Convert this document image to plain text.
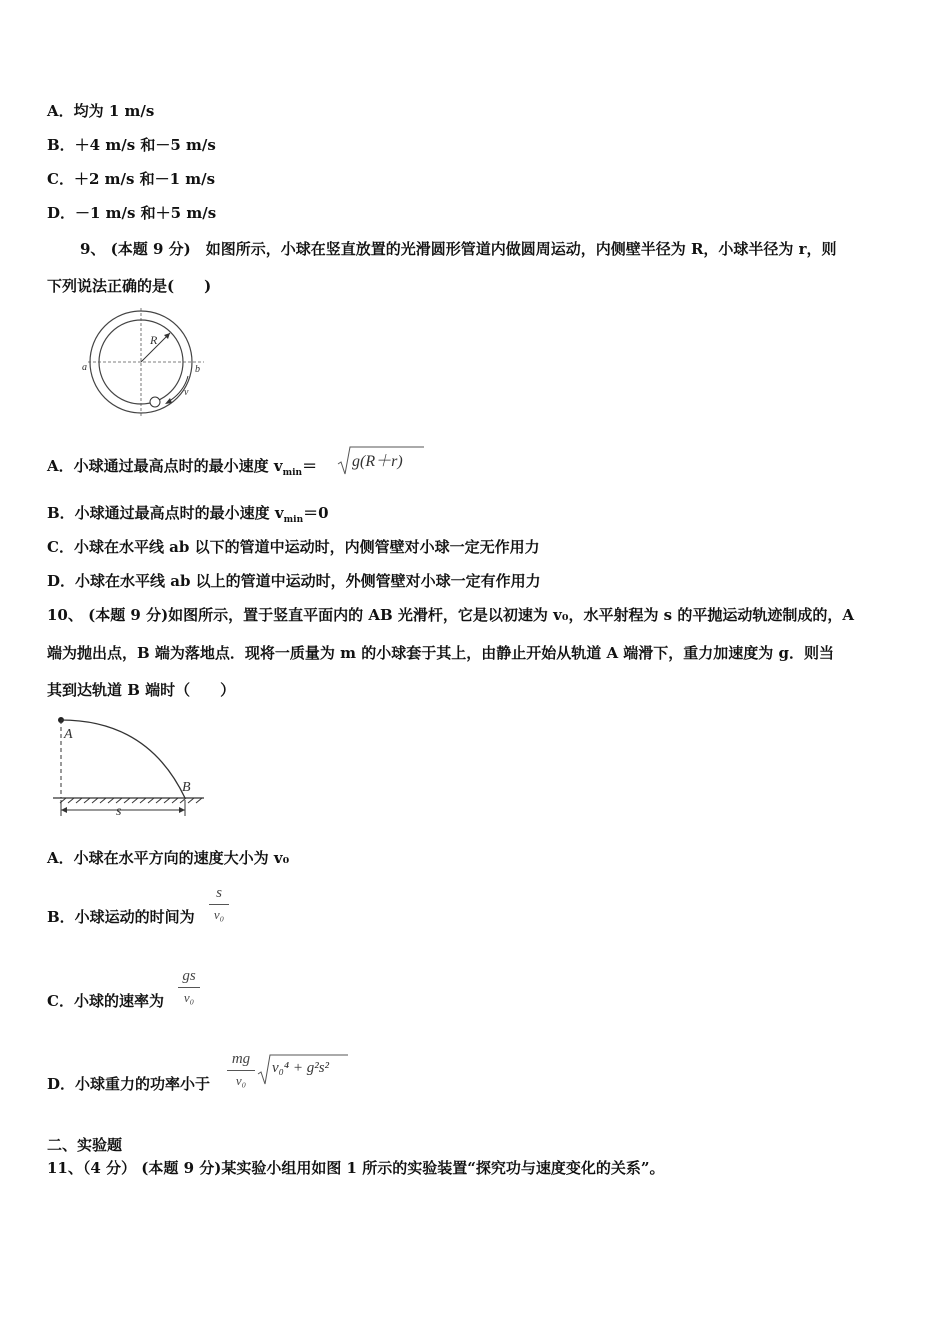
A．均为 1 m/s
B．＋4 m/s 和－5 m/s
C．＋2 m/s 和－1 m/s
D．－1 m/s 和＋5 m/s
9、 (本题 9 分)　如图所示，小球在竖直放置的光滑圆形管道内做圆周运动，内侧壁半径为 R，小球半径为 r，则
下列说法正确的是(　　)
R
a	b
v
A．小球通过最高点时的最小速度 $v_{min}= g(R+r)$
B．小球通过最高点时的最小速度 $v_{min}=0$
C．小球在水平线 ab 以下的管道中运动时，内侧管壁对小球一定无作用力
D．小球在水平线 ab 以上的管道中运动时，外侧管壁对小球一定有作用力
10、 (本题 9 分)如图所示，置于竖直平面内的 AB 光滑杆，它是以初速为 v₀，水平射程为 s 的平抛运动轨迹制成的，A
端为抛出点，B 端为落地点．现将一质量为 m 的小球套于其上，由静止开始从轨道 A 端滑下，重力加速度为 g．则当
其到达轨道 B 端时（　　）
A
B
s
A．小球在水平方向的速度大小为 v₀
B．小球运动的时间为
s
v₀
C．小球的速率为
gs
v₀
D．小球重力的功率小于
mg
v₀
v₀⁴ + g²s²
二、实验题
11、（4 分） (本题 9 分)某实验小组用如图 1 所示的实验装置“探究功与速度变化的关系”。
